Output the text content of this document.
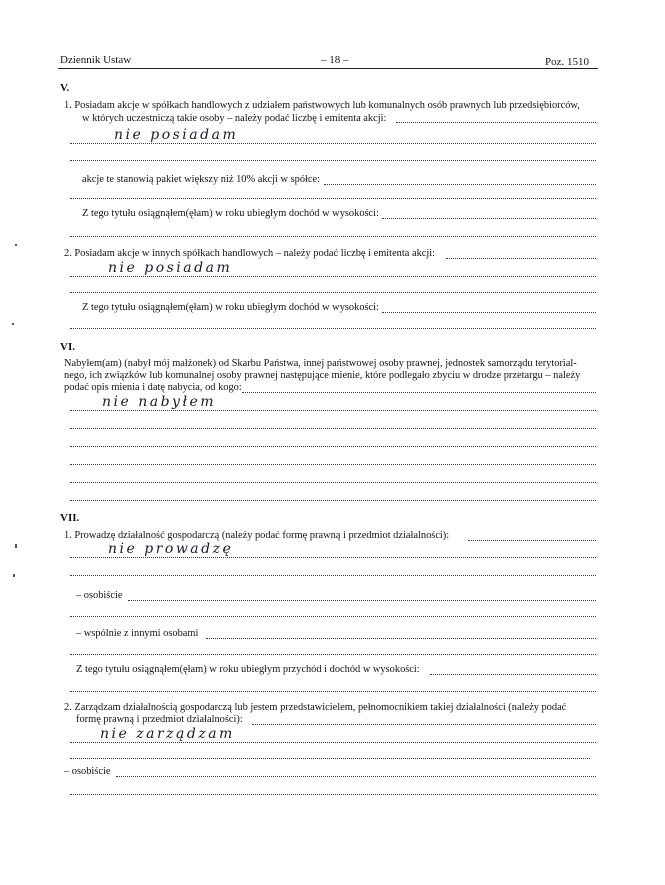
Dziennik Ustaw	– 18 –	Poz. 1510
V.
1. Posiadam akcje w spółkach handlowych z udziałem państwowych lub komunalnych osób prawnych lub przedsiębiorców,
w których uczestniczą takie osoby – należy podać liczbę i emitenta akcji:
nie posiadam
akcje te stanowią pakiet większy niż 10% akcji w spółce:
Z tego tytułu osiągnąłem(ęłam) w roku ubiegłym dochód w wysokości:
2. Posiadam akcje w innych spółkach handlowych – należy podać liczbę i emitenta akcji:
nie posiadam
Z tego tytułu osiągnąłem(ęłam) w roku ubiegłym dochód w wysokości:
VI.
Nabyłem(am) (nabył mój małżonek) od Skarbu Państwa, innej państwowej osoby prawnej, jednostek samorządu terytorial-
nego, ich związków lub komunalnej osoby prawnej następujące mienie, które podlegało zbyciu w drodze przetargu – należy
podać opis mienia i datę nabycia, od kogo:
nie nabyłem
VII.
1. Prowadzę działalność gospodarczą (należy podać formę prawną i przedmiot działalności):
nie prowadzę
– osobiście
– wspólnie z innymi osobami
Z tego tytułu osiągnąłem(ęłam) w roku ubiegłym przychód i dochód w wysokości:
2. Zarządzam działalnością gospodarczą lub jestem przedstawicielem, pełnomocnikiem takiej działalności (należy podać
formę prawną i przedmiot działalności):
nie zarządzam
– osobiście
